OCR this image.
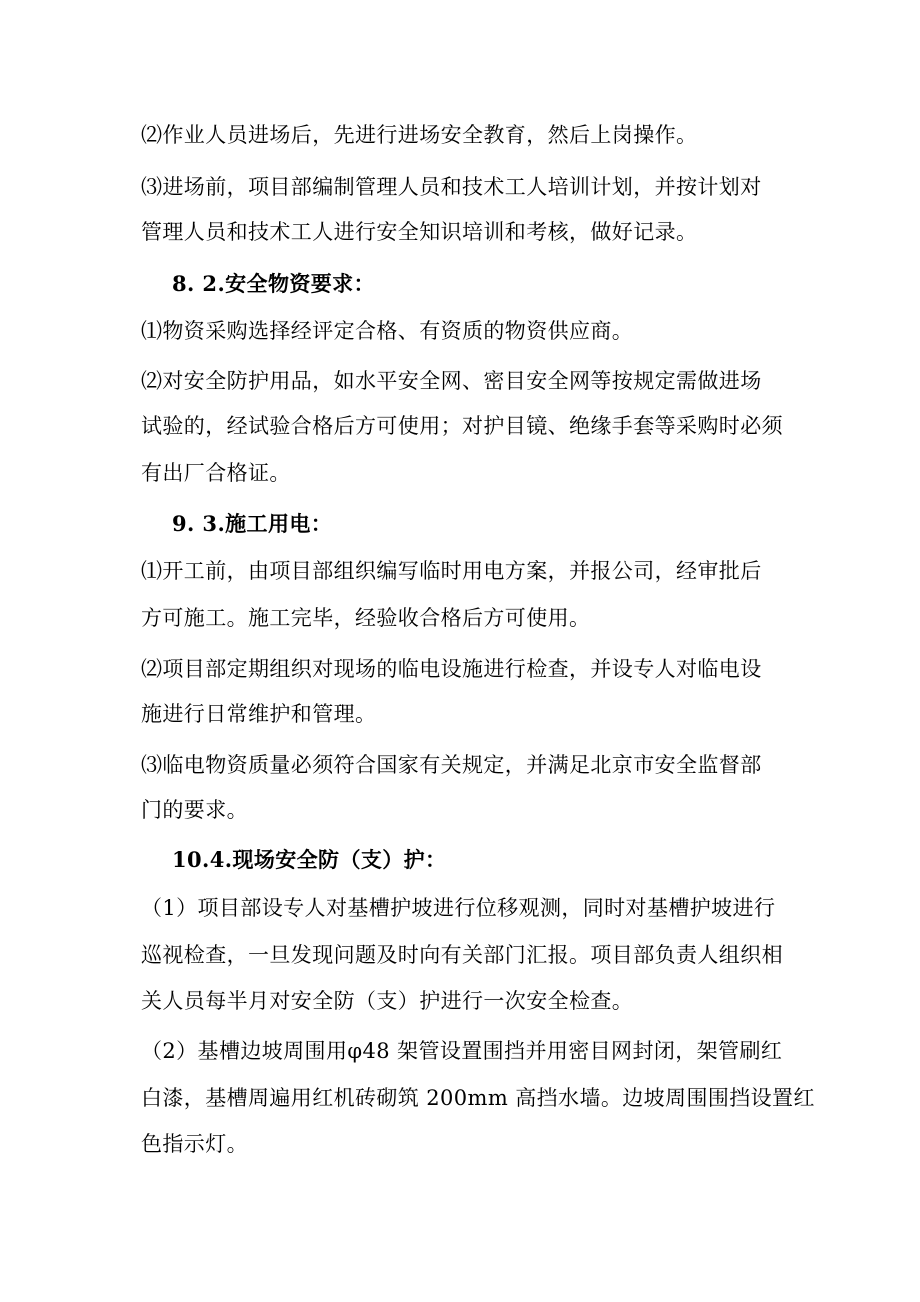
⑵作业人员进场后，先进行进场安全教育，然后上岗操作。
⑶进场前，项目部编制管理人员和技术工人培训计划，并按计划对
管理人员和技术工人进行安全知识培训和考核，做好记录。
8. 2.安全物资要求：
⑴物资采购选择经评定合格、有资质的物资供应商。
⑵对安全防护用品，如水平安全网、密目安全网等按规定需做进场
试验的，经试验合格后方可使用；对护目镜、绝缘手套等采购时必须
有出厂合格证。
9. 3.施工用电：
⑴开工前，由项目部组织编写临时用电方案，并报公司，经审批后
方可施工。施工完毕，经验收合格后方可使用。
⑵项目部定期组织对现场的临电设施进行检查，并设专人对临电设
施进行日常维护和管理。
⑶临电物资质量必须符合国家有关规定，并满足北京市安全监督部
门的要求。
10.4.现场安全防（支）护：
（1）项目部设专人对基槽护坡进行位移观测，同时对基槽护坡进行
巡视检查，一旦发现问题及时向有关部门汇报。项目部负责人组织相
关人员每半月对安全防（支）护进行一次安全检查。
（2）基槽边坡周围用φ48 架管设置围挡并用密目网封闭，架管刷红
白漆，基槽周遍用红机砖砌筑 200mm 高挡水墙。边坡周围围挡设置红
色指示灯。
